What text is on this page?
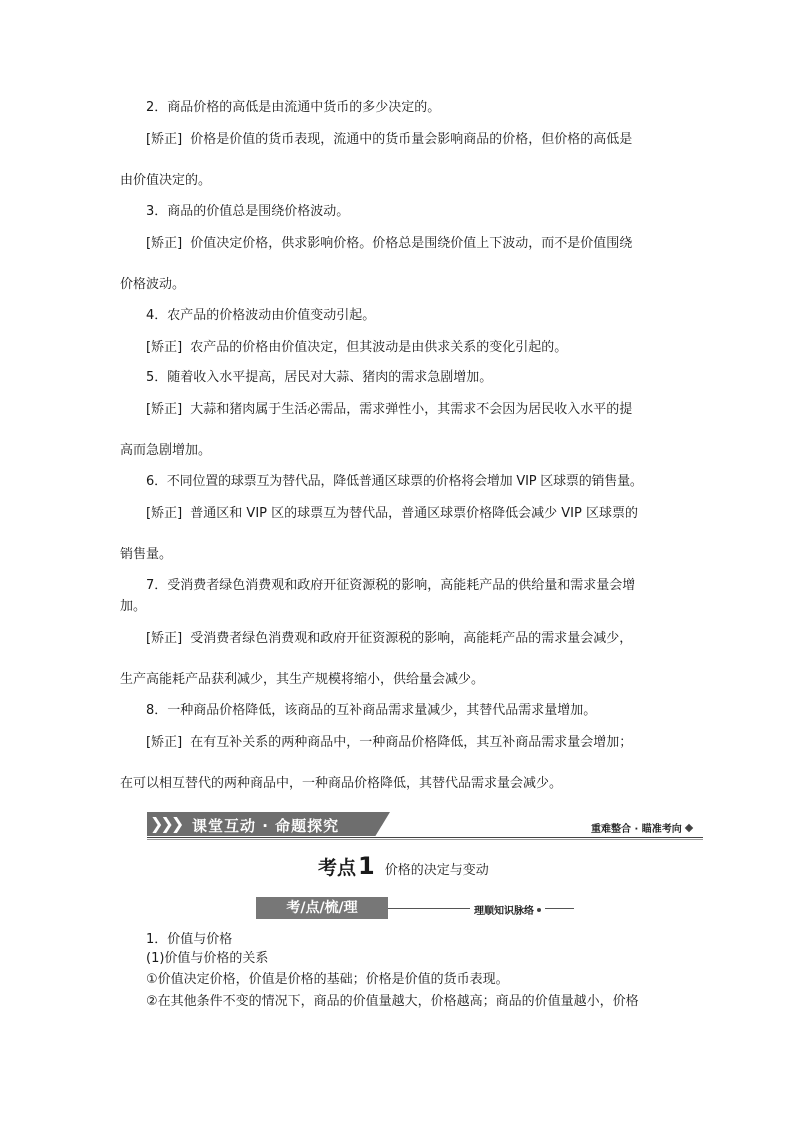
2．商品价格的高低是由流通中货币的多少决定的。
[矫正] 价格是价值的货币表现，流通中的货币量会影响商品的价格，但价格的高低是
由价值决定的。
3．商品的价值总是围绕价格波动。
[矫正] 价值决定价格，供求影响价格。价格总是围绕价值上下波动，而不是价值围绕
价格波动。
4．农产品的价格波动由价值变动引起。
[矫正] 农产品的价格由价值决定，但其波动是由供求关系的变化引起的。
5．随着收入水平提高，居民对大蒜、猪肉的需求急剧增加。
[矫正] 大蒜和猪肉属于生活必需品，需求弹性小，其需求不会因为居民收入水平的提
高而急剧增加。
6．不同位置的球票互为替代品，降低普通区球票的价格将会增加 VIP 区球票的销售量。
[矫正] 普通区和 VIP 区的球票互为替代品，普通区球票价格降低会减少 VIP 区球票的
销售量。
7．受消费者绿色消费观和政府开征资源税的影响，高能耗产品的供给量和需求量会增
加。
[矫正] 受消费者绿色消费观和政府开征资源税的影响，高能耗产品的需求量会减少，
生产高能耗产品获利减少，其生产规模将缩小，供给量会减少。
8．一种商品价格降低，该商品的互补商品需求量减少，其替代品需求量增加。
[矫正] 在有互补关系的两种商品中，一种商品价格降低，其互补商品需求量会增加；
在可以相互替代的两种商品中，一种商品价格降低，其替代品需求量会减少。
❯❯❯ 课堂互动 · 命题探究	重难整合 · 瞄准考向
考点1 价格的决定与变动
考/点/梳/理	理顺知识脉络
1．价值与价格
(1)价值与价格的关系
①价值决定价格，价值是价格的基础；价格是价值的货币表现。
②在其他条件不变的情况下，商品的价值量越大，价格越高；商品的价值量越小，价格
